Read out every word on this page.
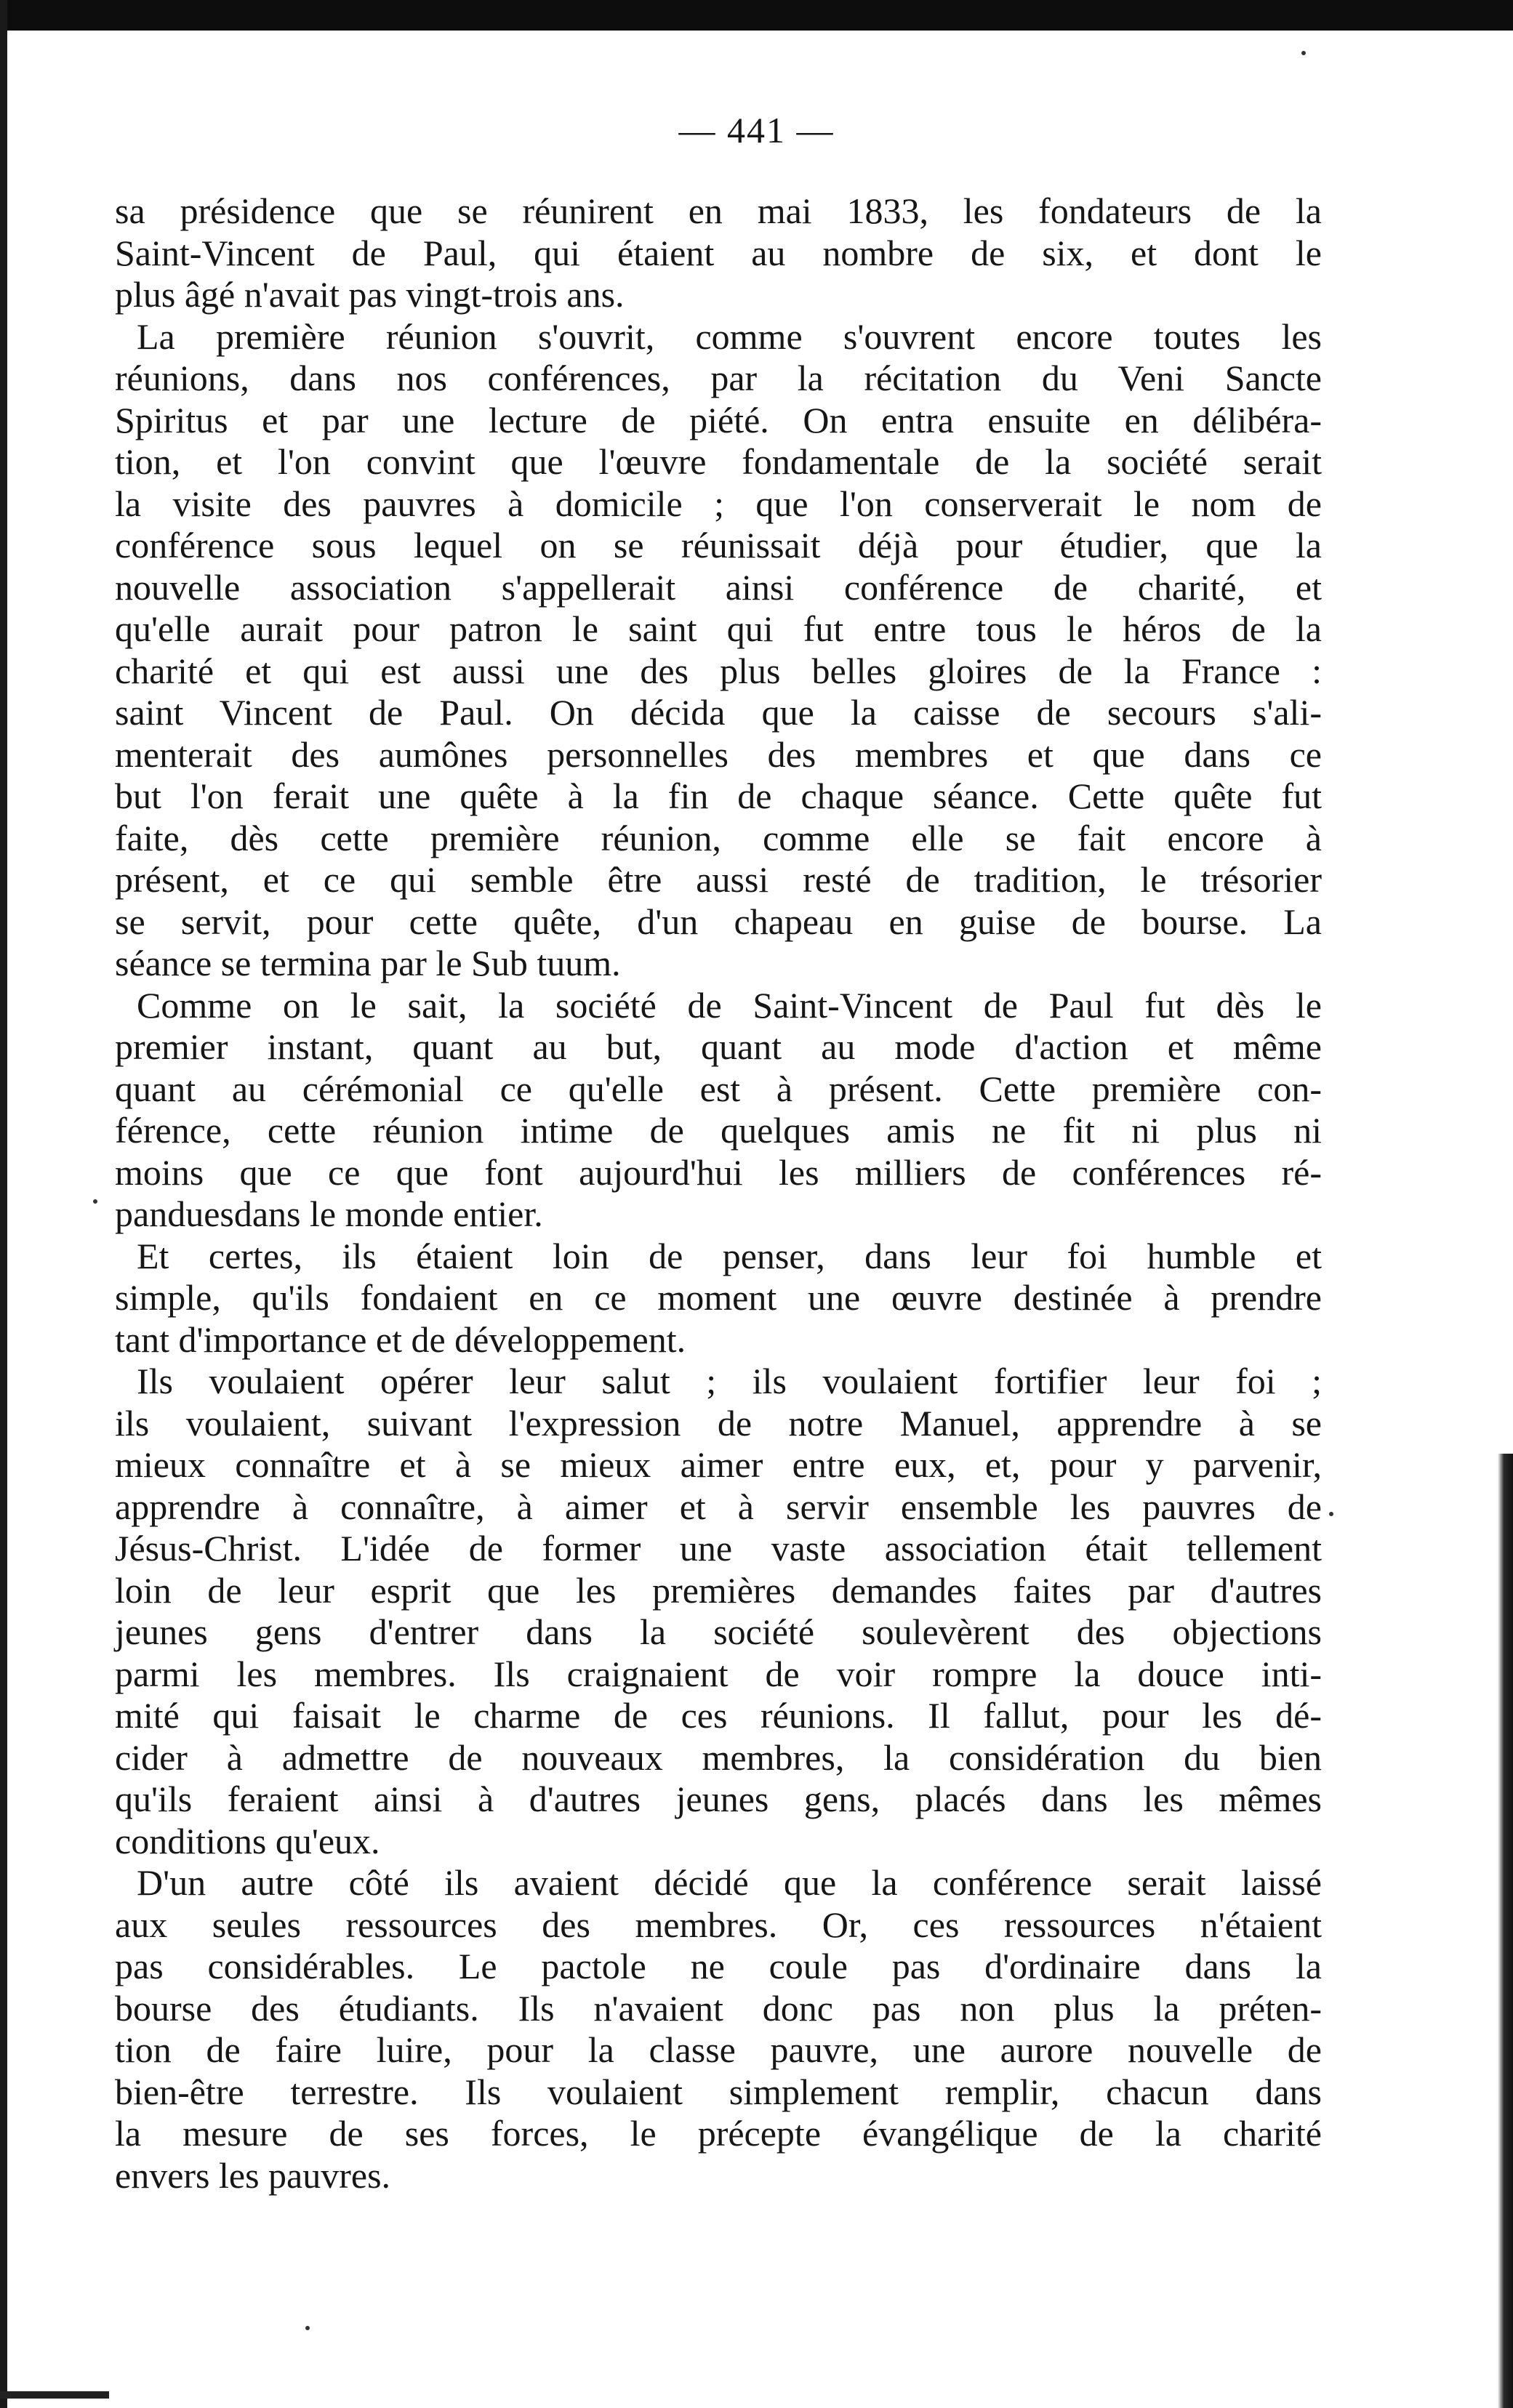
— 441 —
sa présidence que se réunirent en mai 1833, les fondateurs de la
Saint-Vincent de Paul, qui étaient au nombre de six, et dont le
plus âgé n'avait pas vingt-trois ans.
La première réunion s'ouvrit, comme s'ouvrent encore toutes les
réunions, dans nos conférences, par la récitation du Veni Sancte
Spiritus et par une lecture de piété. On entra ensuite en délibéra-
tion, et l'on convint que l'œuvre fondamentale de la société serait
la visite des pauvres à domicile ; que l'on conserverait le nom de
conférence sous lequel on se réunissait déjà pour étudier, que la
nouvelle association s'appellerait ainsi conférence de charité, et
qu'elle aurait pour patron le saint qui fut entre tous le héros de la
charité et qui est aussi une des plus belles gloires de la France :
saint Vincent de Paul. On décida que la caisse de secours s'ali-
menterait des aumônes personnelles des membres et que dans ce
but l'on ferait une quête à la fin de chaque séance. Cette quête fut
faite, dès cette première réunion, comme elle se fait encore à
présent, et ce qui semble être aussi resté de tradition, le trésorier
se servit, pour cette quête, d'un chapeau en guise de bourse. La
séance se termina par le Sub tuum.
Comme on le sait, la société de Saint-Vincent de Paul fut dès le
premier instant, quant au but, quant au mode d'action et même
quant au cérémonial ce qu'elle est à présent. Cette première con-
férence, cette réunion intime de quelques amis ne fit ni plus ni
moins que ce que font aujourd'hui les milliers de conférences ré-
panduesdans le monde entier.
Et certes, ils étaient loin de penser, dans leur foi humble et
simple, qu'ils fondaient en ce moment une œuvre destinée à prendre
tant d'importance et de développement.
Ils voulaient opérer leur salut ; ils voulaient fortifier leur foi ;
ils voulaient, suivant l'expression de notre Manuel, apprendre à se
mieux connaître et à se mieux aimer entre eux, et, pour y parvenir,
apprendre à connaître, à aimer et à servir ensemble les pauvres de
Jésus-Christ. L'idée de former une vaste association était tellement
loin de leur esprit que les premières demandes faites par d'autres
jeunes gens d'entrer dans la société soulevèrent des objections
parmi les membres. Ils craignaient de voir rompre la douce inti-
mité qui faisait le charme de ces réunions. Il fallut, pour les dé-
cider à admettre de nouveaux membres, la considération du bien
qu'ils feraient ainsi à d'autres jeunes gens, placés dans les mêmes
conditions qu'eux.
D'un autre côté ils avaient décidé que la conférence serait laissé
aux seules ressources des membres. Or, ces ressources n'étaient
pas considérables. Le pactole ne coule pas d'ordinaire dans la
bourse des étudiants. Ils n'avaient donc pas non plus la préten-
tion de faire luire, pour la classe pauvre, une aurore nouvelle de
bien-être terrestre. Ils voulaient simplement remplir, chacun dans
la mesure de ses forces, le précepte évangélique de la charité
envers les pauvres.
